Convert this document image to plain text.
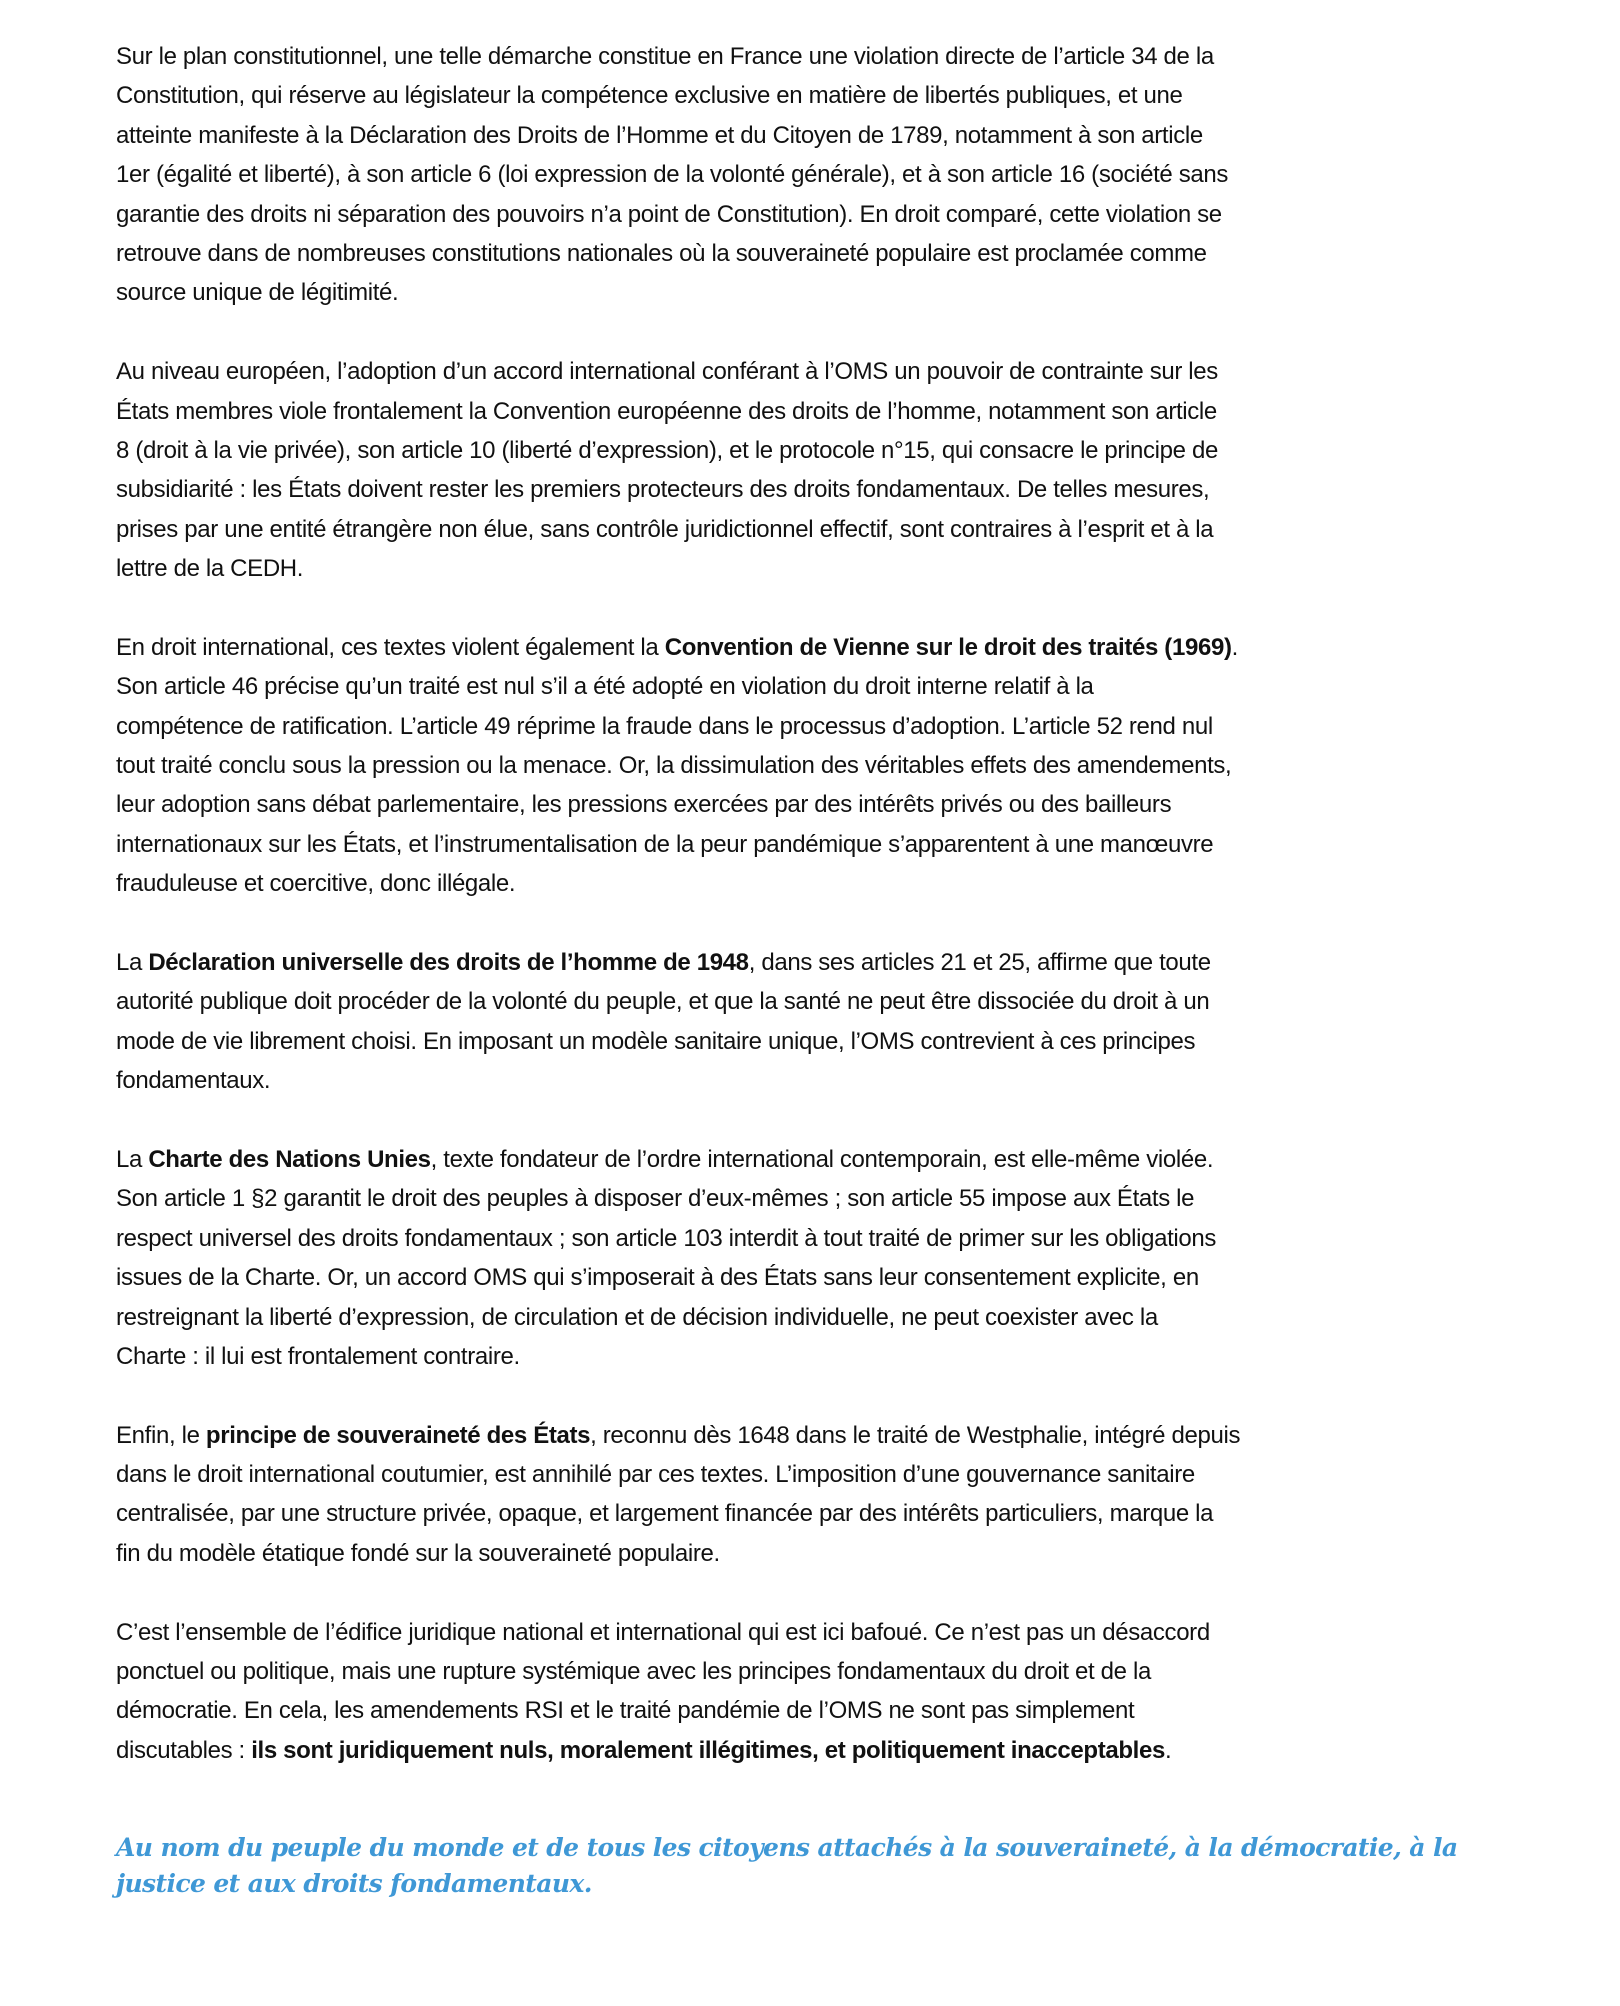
Sur le plan constitutionnel, une telle démarche constitue en France une violation directe de l’article 34 de la
Constitution, qui réserve au législateur la compétence exclusive en matière de libertés publiques, et une
atteinte manifeste à la Déclaration des Droits de l’Homme et du Citoyen de 1789, notamment à son article
1er (égalité et liberté), à son article 6 (loi expression de la volonté générale), et à son article 16 (société sans
garantie des droits ni séparation des pouvoirs n’a point de Constitution). En droit comparé, cette violation se
retrouve dans de nombreuses constitutions nationales où la souveraineté populaire est proclamée comme
source unique de légitimité.

Au niveau européen, l’adoption d’un accord international conférant à l’OMS un pouvoir de contrainte sur les
États membres viole frontalement la Convention européenne des droits de l’homme, notamment son article
8 (droit à la vie privée), son article 10 (liberté d’expression), et le protocole n°15, qui consacre le principe de
subsidiarité : les États doivent rester les premiers protecteurs des droits fondamentaux. De telles mesures,
prises par une entité étrangère non élue, sans contrôle juridictionnel effectif, sont contraires à l’esprit et à la
lettre de la CEDH.

En droit international, ces textes violent également la Convention de Vienne sur le droit des traités (1969).
Son article 46 précise qu’un traité est nul s’il a été adopté en violation du droit interne relatif à la
compétence de ratification. L’article 49 réprime la fraude dans le processus d’adoption. L’article 52 rend nul
tout traité conclu sous la pression ou la menace. Or, la dissimulation des véritables effets des amendements,
leur adoption sans débat parlementaire, les pressions exercées par des intérêts privés ou des bailleurs
internationaux sur les États, et l’instrumentalisation de la peur pandémique s’apparentent à une manœuvre
frauduleuse et coercitive, donc illégale.

La Déclaration universelle des droits de l’homme de 1948, dans ses articles 21 et 25, affirme que toute
autorité publique doit procéder de la volonté du peuple, et que la santé ne peut être dissociée du droit à un
mode de vie librement choisi. En imposant un modèle sanitaire unique, l’OMS contrevient à ces principes
fondamentaux.

La Charte des Nations Unies, texte fondateur de l’ordre international contemporain, est elle-même violée.
Son article 1 §2 garantit le droit des peuples à disposer d’eux-mêmes ; son article 55 impose aux États le
respect universel des droits fondamentaux ; son article 103 interdit à tout traité de primer sur les obligations
issues de la Charte. Or, un accord OMS qui s’imposerait à des États sans leur consentement explicite, en
restreignant la liberté d’expression, de circulation et de décision individuelle, ne peut coexister avec la
Charte : il lui est frontalement contraire.

Enfin, le principe de souveraineté des États, reconnu dès 1648 dans le traité de Westphalie, intégré depuis
dans le droit international coutumier, est annihilé par ces textes. L’imposition d’une gouvernance sanitaire
centralisée, par une structure privée, opaque, et largement financée par des intérêts particuliers, marque la
fin du modèle étatique fondé sur la souveraineté populaire.

C’est l’ensemble de l’édifice juridique national et international qui est ici bafoué. Ce n’est pas un désaccord
ponctuel ou politique, mais une rupture systémique avec les principes fondamentaux du droit et de la
démocratie. En cela, les amendements RSI et le traité pandémie de l’OMS ne sont pas simplement
discutables : ils sont juridiquement nuls, moralement illégitimes, et politiquement inacceptables.

Au nom du peuple du monde et de tous les citoyens attachés à la souveraineté, à la démocratie, à la
justice et aux droits fondamentaux.
